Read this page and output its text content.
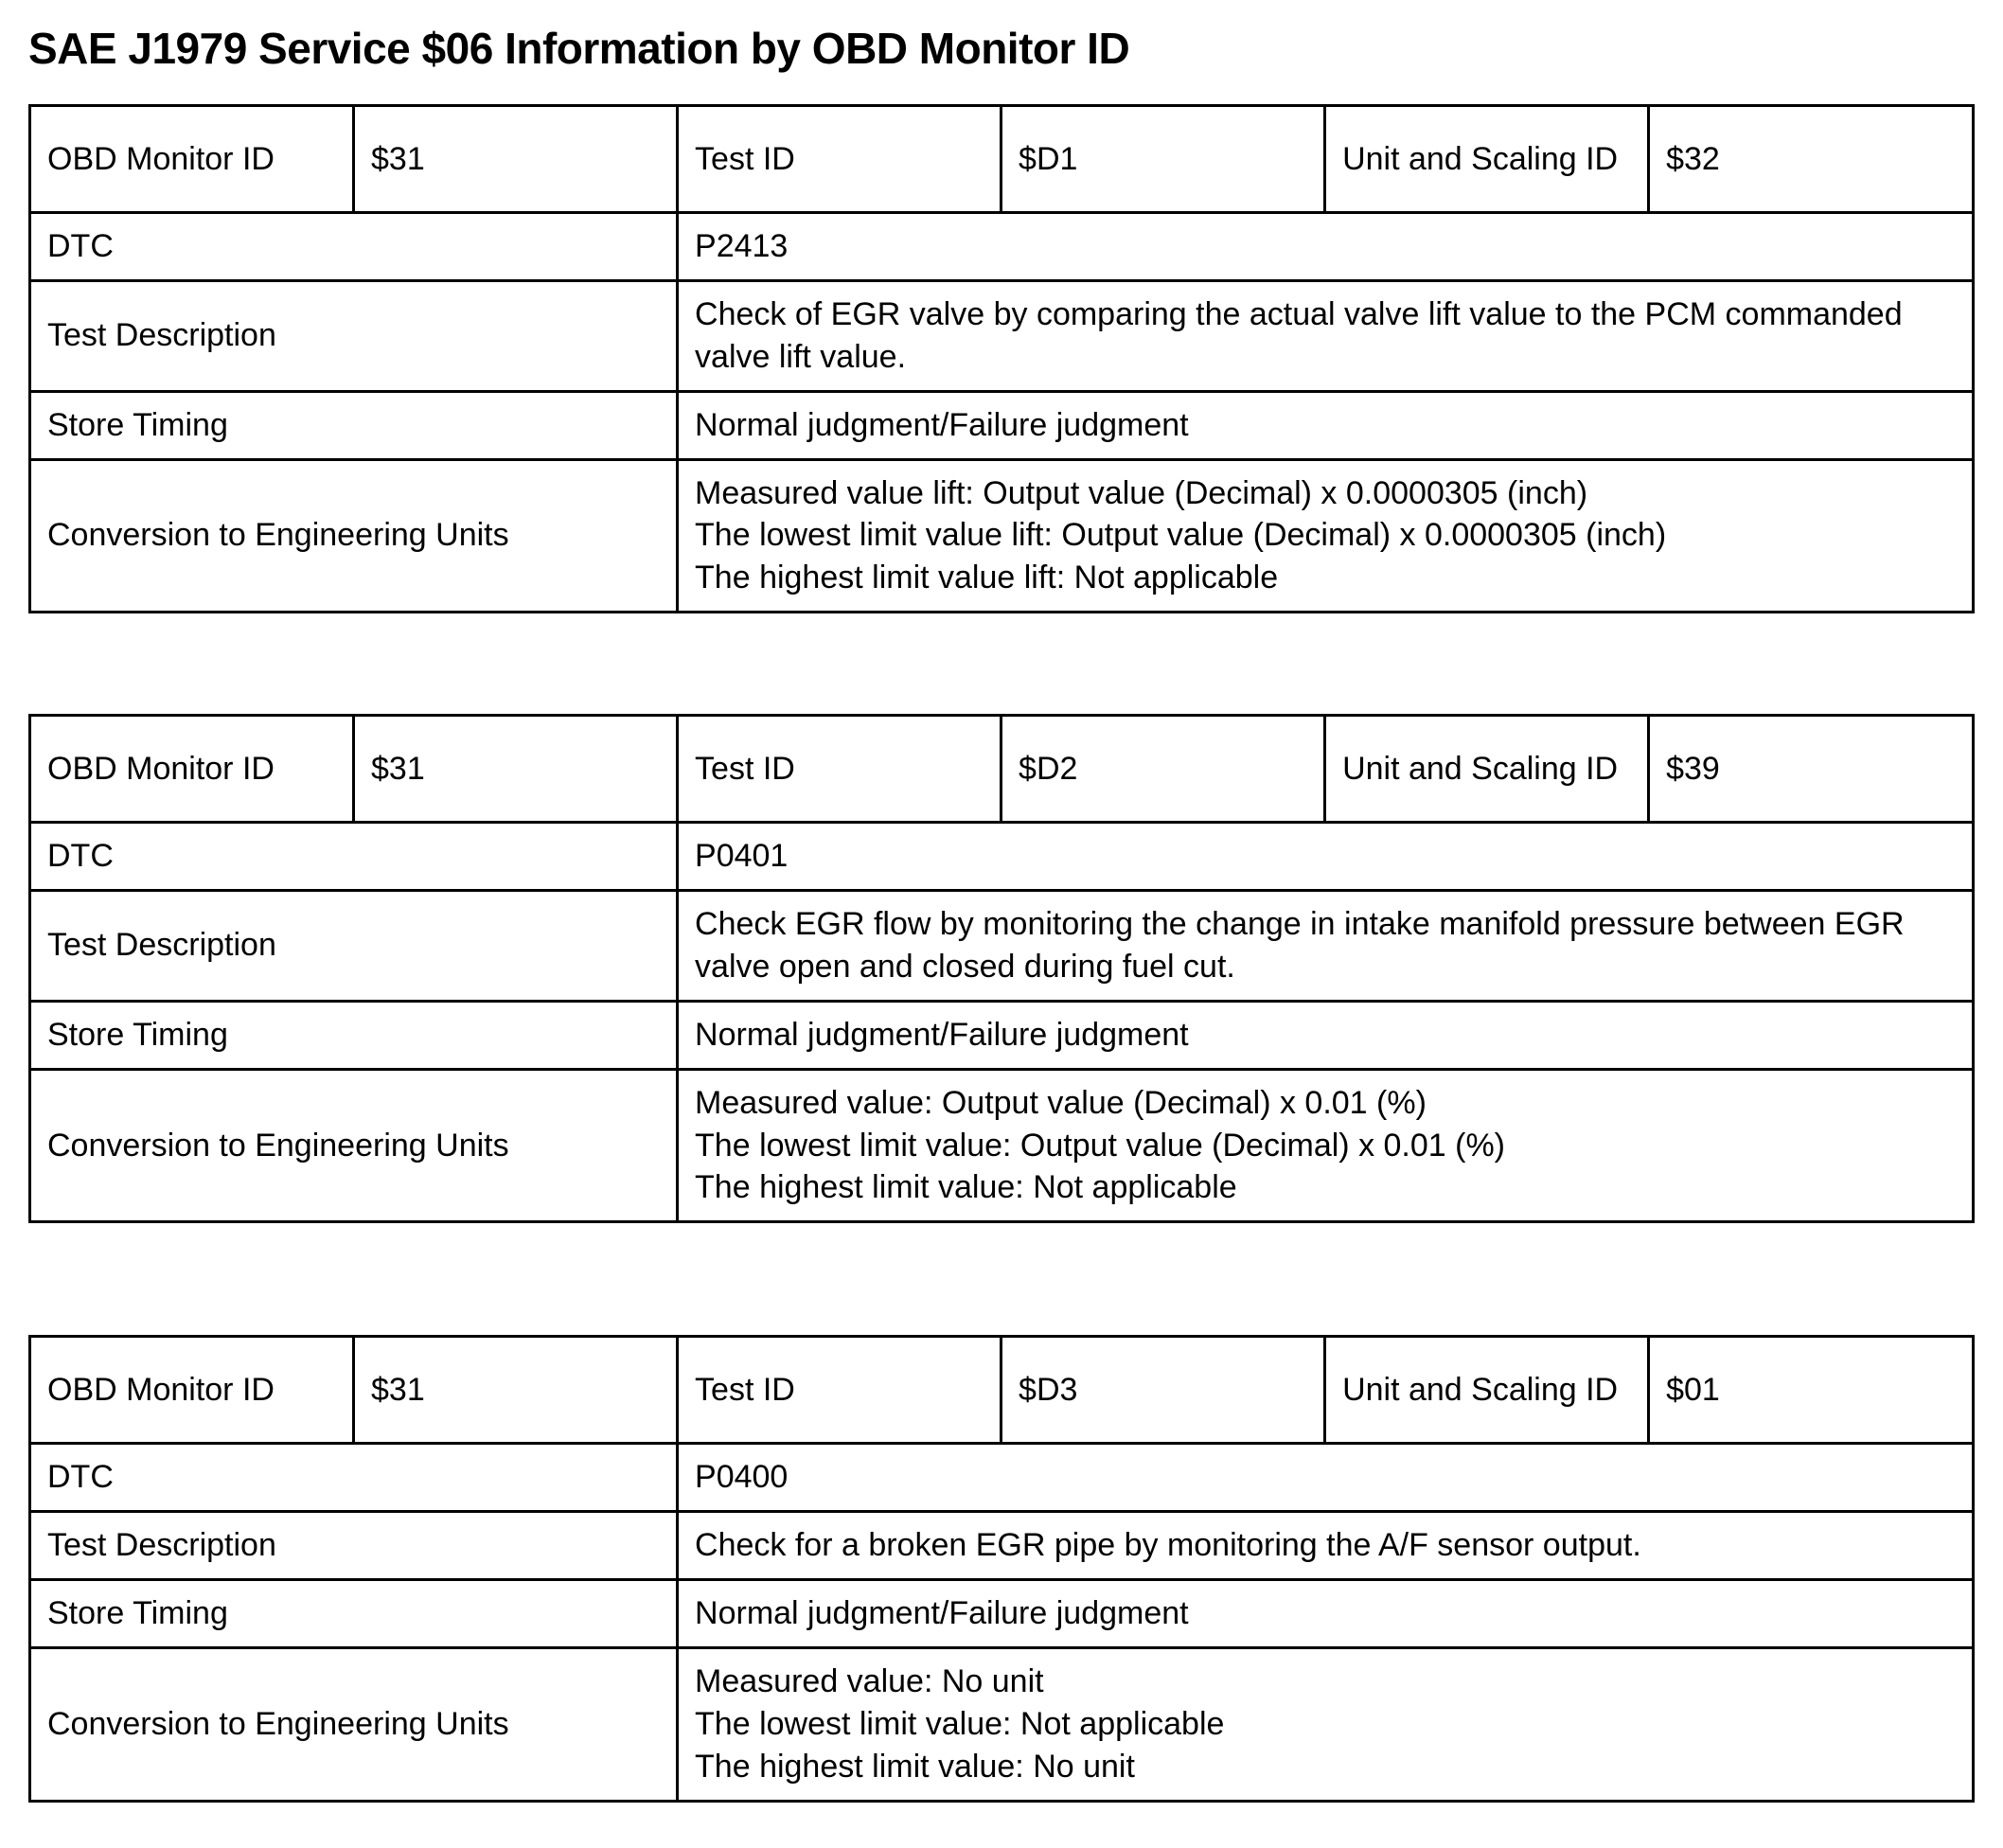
SAE J1979 Service $06 Information by OBD Monitor ID
OBD Monitor ID	$31	Test ID	$D1	Unit and Scaling ID	$32
DTC		P2413			
Test Description		Check of EGR valve by comparing the actual valve lift value to the PCM commanded valve lift value.			
Store Timing		Normal judgment/Failure judgment			
Conversion to Engineering Units		Measured value lift: Output value (Decimal) x 0.0000305 (inch)
The lowest limit value lift: Output value (Decimal) x 0.0000305 (inch)
The highest limit value lift: Not applicable			
OBD Monitor ID	$31	Test ID	$D2	Unit and Scaling ID	$39
DTC		P0401			
Test Description		Check EGR flow by monitoring the change in intake manifold pressure between EGR valve open and closed during fuel cut.			
Store Timing		Normal judgment/Failure judgment			
Conversion to Engineering Units		Measured value: Output value (Decimal) x 0.01 (%)
The lowest limit value: Output value (Decimal) x 0.01 (%)
The highest limit value: Not applicable			
OBD Monitor ID	$31	Test ID	$D3	Unit and Scaling ID	$01
DTC		P0400			
Test Description		Check for a broken EGR pipe by monitoring the A/F sensor output.			
Store Timing		Normal judgment/Failure judgment			
Conversion to Engineering Units		Measured value: No unit
The lowest limit value: Not applicable
The highest limit value: No unit			
